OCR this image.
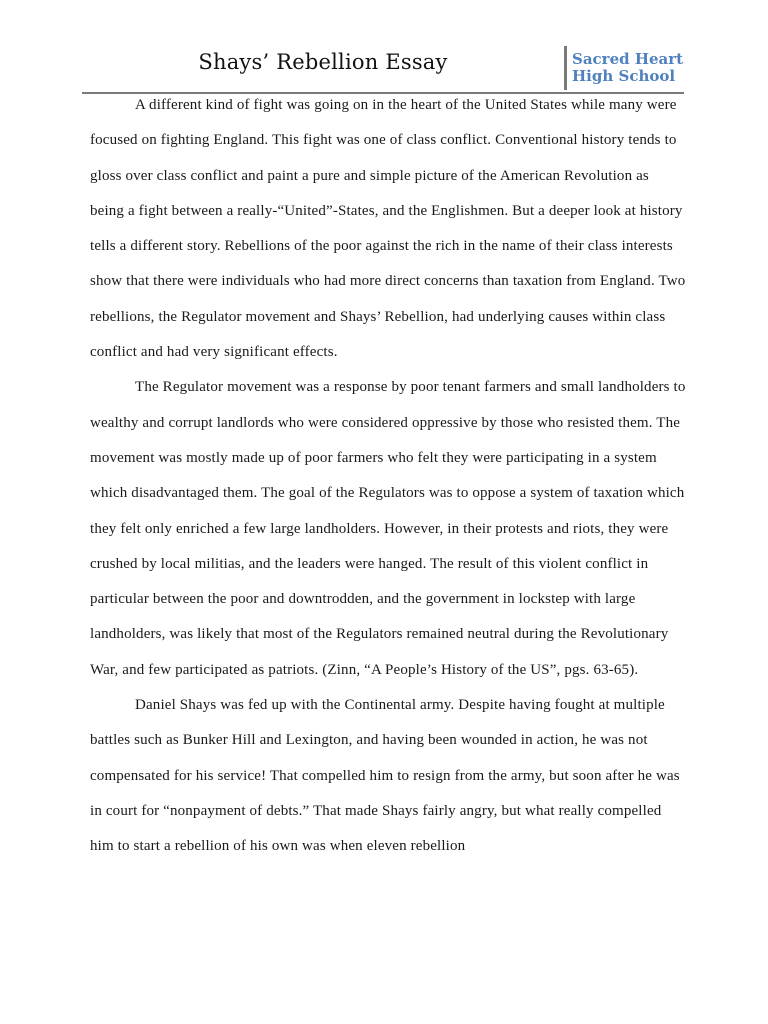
Shays’ Rebellion Essay	Sacred Heart
High School

A different kind of fight was going on in the heart of the United States while many were focused on fighting England. This fight was one of class conflict. Conventional history tends to gloss over class conflict and paint a pure and simple picture of the American Revolution as being a fight between a really-“United”-States, and the Englishmen. But a deeper look at history tells a different story. Rebellions of the poor against the rich in the name of their class interests show that there were individuals who had more direct concerns than taxation from England. Two rebellions, the Regulator movement and Shays’ Rebellion, had underlying causes within class conflict and had very significant effects.

The Regulator movement was a response by poor tenant farmers and small landholders to wealthy and corrupt landlords who were considered oppressive by those who resisted them. The movement was mostly made up of poor farmers who felt they were participating in a system which disadvantaged them. The goal of the Regulators was to oppose a system of taxation which they felt only enriched a few large landholders. However, in their protests and riots, they were crushed by local militias, and the leaders were hanged. The result of this violent conflict in particular between the poor and downtrodden, and the government in lockstep with large landholders, was likely that most of the Regulators remained neutral during the Revolutionary War, and few participated as patriots. (Zinn, “A People’s History of the US”, pgs. 63-65).

Daniel Shays was fed up with the Continental army. Despite having fought at multiple battles such as Bunker Hill and Lexington, and having been wounded in action, he was not compensated for his service! That compelled him to resign from the army, but soon after he was in court for “nonpayment of debts.” That made Shays fairly angry, but what really compelled him to start a rebellion of his own was when eleven rebellion
